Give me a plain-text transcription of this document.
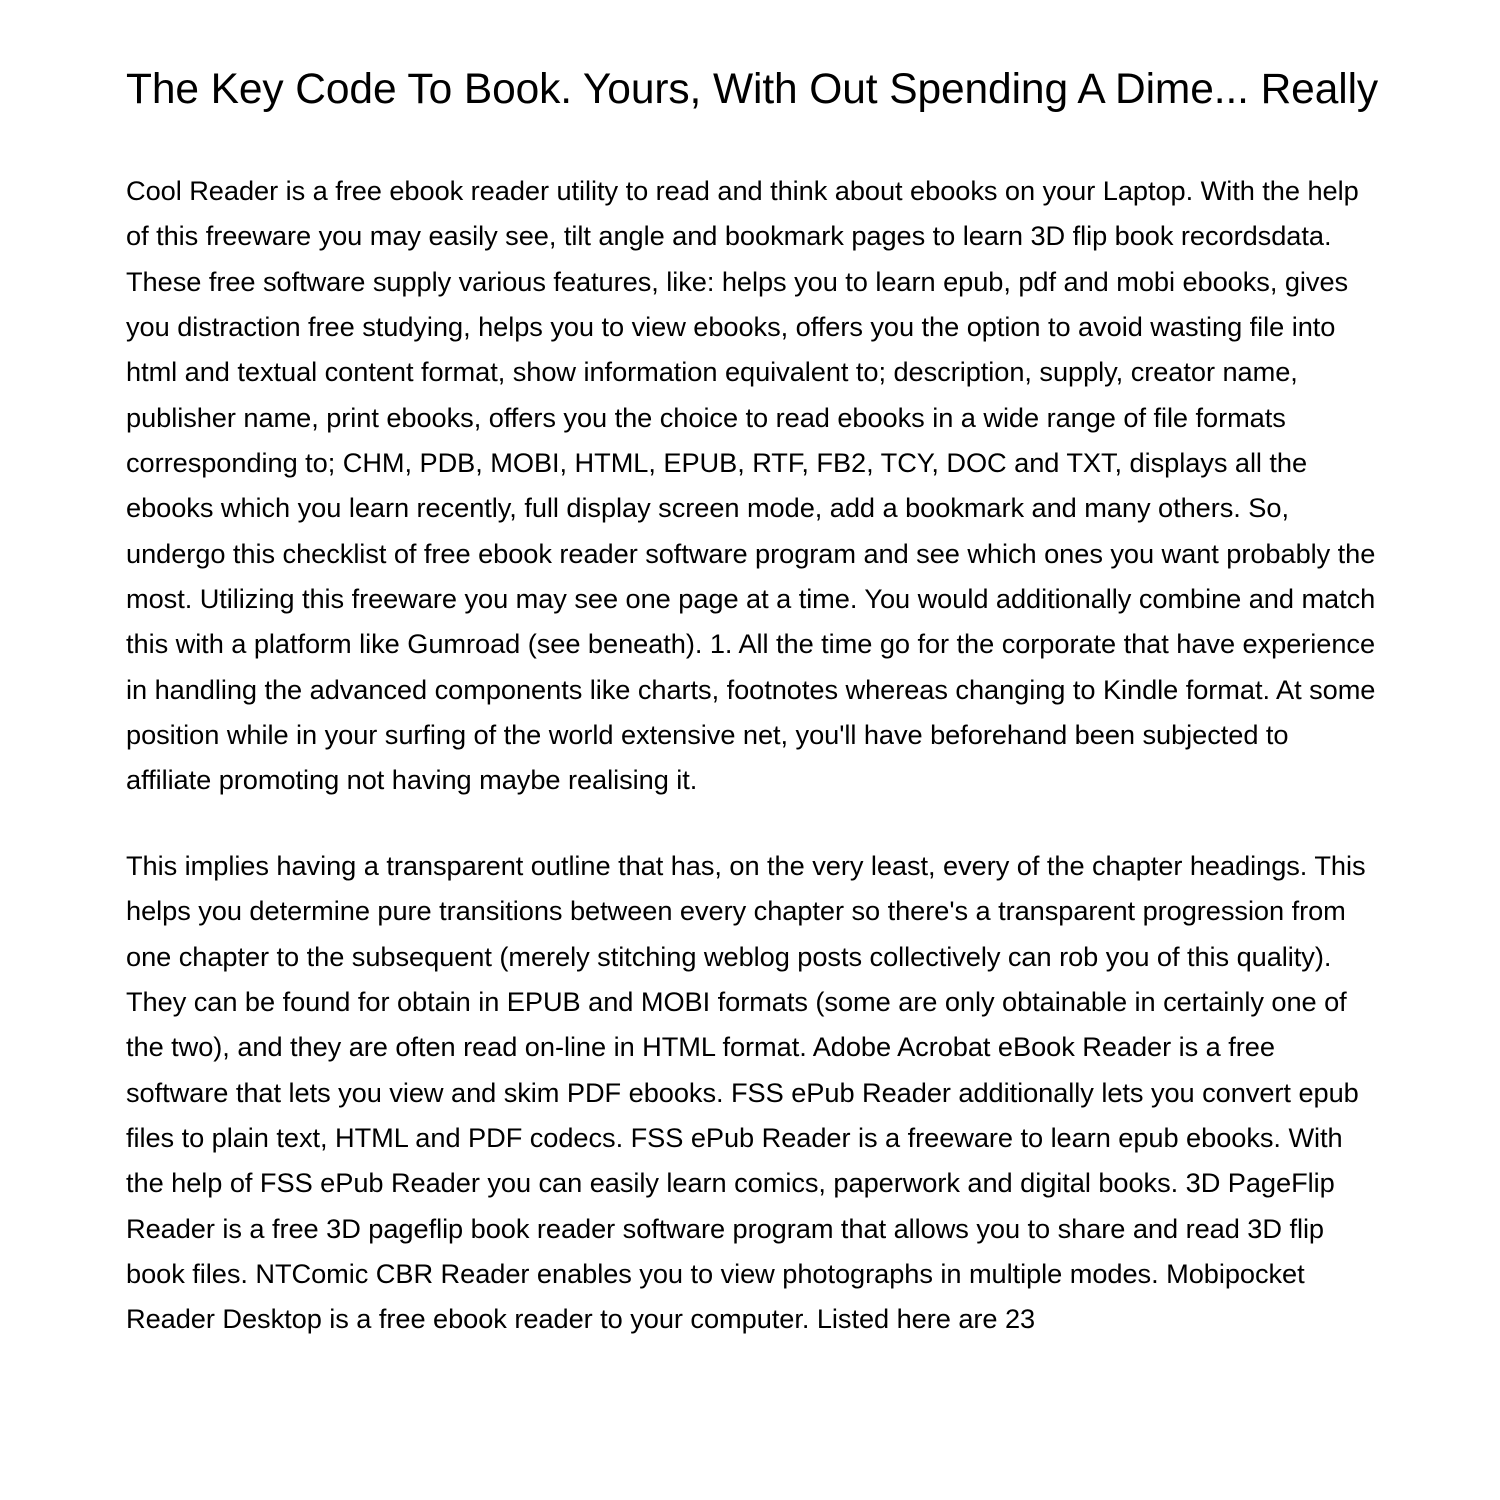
The Key Code To Book. Yours, With Out Spending A Dime... Really

Cool Reader is a free ebook reader utility to read and think about ebooks on your Laptop. With the help of this freeware you may easily see, tilt angle and bookmark pages to learn 3D flip book recordsdata. These free software supply various features, like: helps you to learn epub, pdf and mobi ebooks, gives you distraction free studying, helps you to view ebooks, offers you the option to avoid wasting file into html and textual content format, show information equivalent to; description, supply, creator name, publisher name, print ebooks, offers you the choice to read ebooks in a wide range of file formats corresponding to; CHM, PDB, MOBI, HTML, EPUB, RTF, FB2, TCY, DOC and TXT, displays all the ebooks which you learn recently, full display screen mode, add a bookmark and many others. So, undergo this checklist of free ebook reader software program and see which ones you want probably the most. Utilizing this freeware you may see one page at a time. You would additionally combine and match this with a platform like Gumroad (see beneath). 1. All the time go for the corporate that have experience in handling the advanced components like charts, footnotes whereas changing to Kindle format. At some position while in your surfing of the world extensive net, you'll have beforehand been subjected to affiliate promoting not having maybe realising it.

This implies having a transparent outline that has, on the very least, every of the chapter headings. This helps you determine pure transitions between every chapter so there's a transparent progression from one chapter to the subsequent (merely stitching weblog posts collectively can rob you of this quality). They can be found for obtain in EPUB and MOBI formats (some are only obtainable in certainly one of the two), and they are often read on-line in HTML format. Adobe Acrobat eBook Reader is a free software that lets you view and skim PDF ebooks. FSS ePub Reader additionally lets you convert epub files to plain text, HTML and PDF codecs. FSS ePub Reader is a freeware to learn epub ebooks. With the help of FSS ePub Reader you can easily learn comics, paperwork and digital books. 3D PageFlip Reader is a free 3D pageflip book reader software program that allows you to share and read 3D flip book files. NTComic CBR Reader enables you to view photographs in multiple modes. Mobipocket Reader Desktop is a free ebook reader to your computer. Listed here are 23
